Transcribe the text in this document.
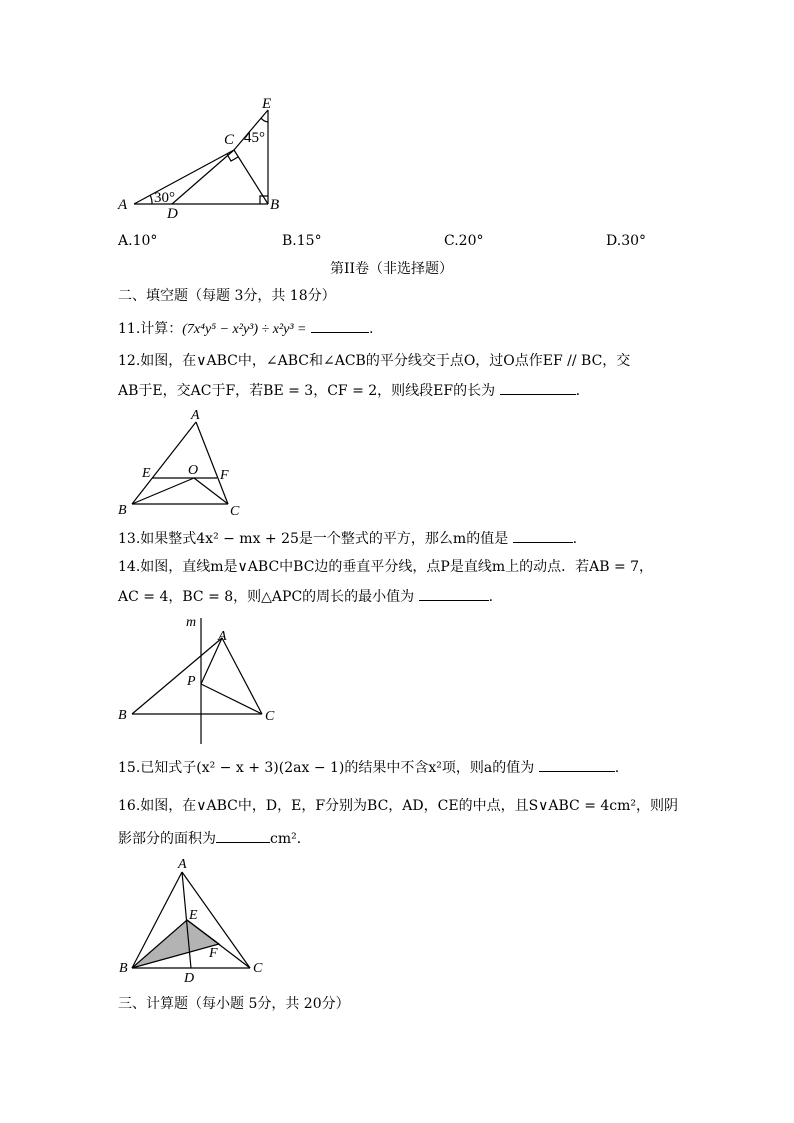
A	B
C
D
E
30°
45°
A.10°	B.15°	C.20°	D.30°
第II卷（非选择题）
二、填空题（每题 3分，共 18分）
11.计算：(7x⁴y⁵ − x²y³) ÷ x²y³ =	.
12.如图，在∨ABC中，∠ABC和∠ACB的平分线交于点O，过O点作EF // BC，交
AB于E，交AC于F，若BE = 3，CF = 2，则线段EF的长为	.
A
B	C
E	F
O
13.如果整式4x² − mx + 25是一个整式的平方，那么m的值是	.
14.如图，直线m是∨ABC中BC边的垂直平分线，点P是直线m上的动点．若AB = 7，
AC = 4，BC = 8，则△APC的周长的最小值为	.
m
A
P
B	C
15.已知式子(x² − x + 3)(2ax − 1)的结果中不含x²项，则a的值为	.
16.如图，在∨ABC中，D，E，F分别为BC，AD，CE的中点，且S∨ABC = 4cm²，则阴
影部分的面积为	cm²．
A
B	C
D
E
F
三、计算题（每小题 5分，共 20分）
